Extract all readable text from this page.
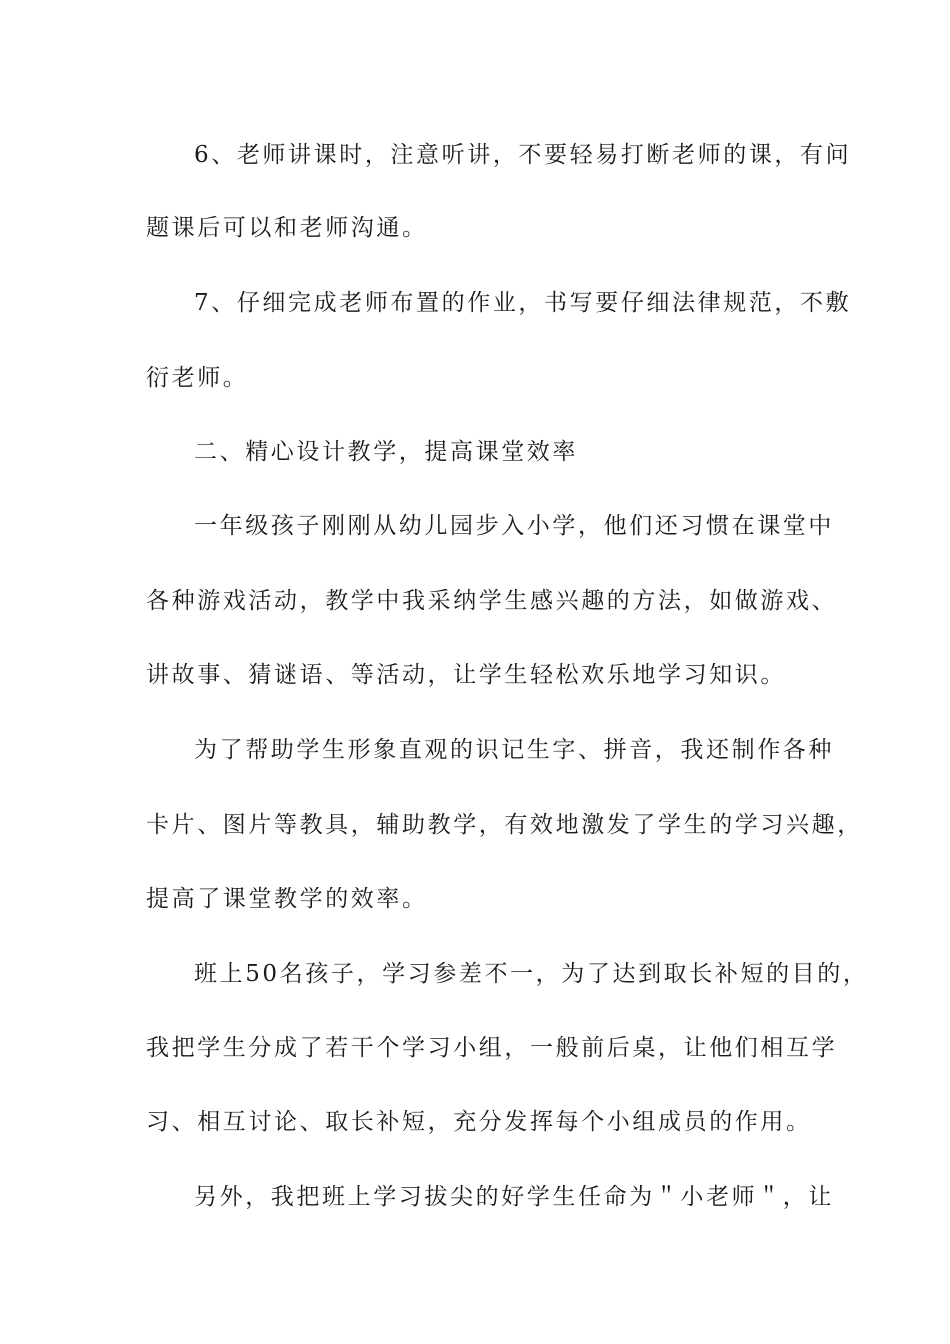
6、老师讲课时，注意听讲，不要轻易打断老师的课，有问
题课后可以和老师沟通。
7、仔细完成老师布置的作业，书写要仔细法律规范，不敷
衍老师。
二、精心设计教学，提高课堂效率
一年级孩子刚刚从幼儿园步入小学，他们还习惯在课堂中
各种游戏活动，教学中我采纳学生感兴趣的方法，如做游戏、
讲故事、猜谜语、等活动，让学生轻松欢乐地学习知识。
为了帮助学生形象直观的识记生字、拼音，我还制作各种
卡片、图片等教具，辅助教学，有效地激发了学生的学习兴趣，
提高了课堂教学的效率。
班上50名孩子，学习参差不一，为了达到取长补短的目的，
我把学生分成了若干个学习小组，一般前后桌，让他们相互学
习、相互讨论、取长补短，充分发挥每个小组成员的作用。
另外，我把班上学习拔尖的好学生任命为＂小老师＂，让
